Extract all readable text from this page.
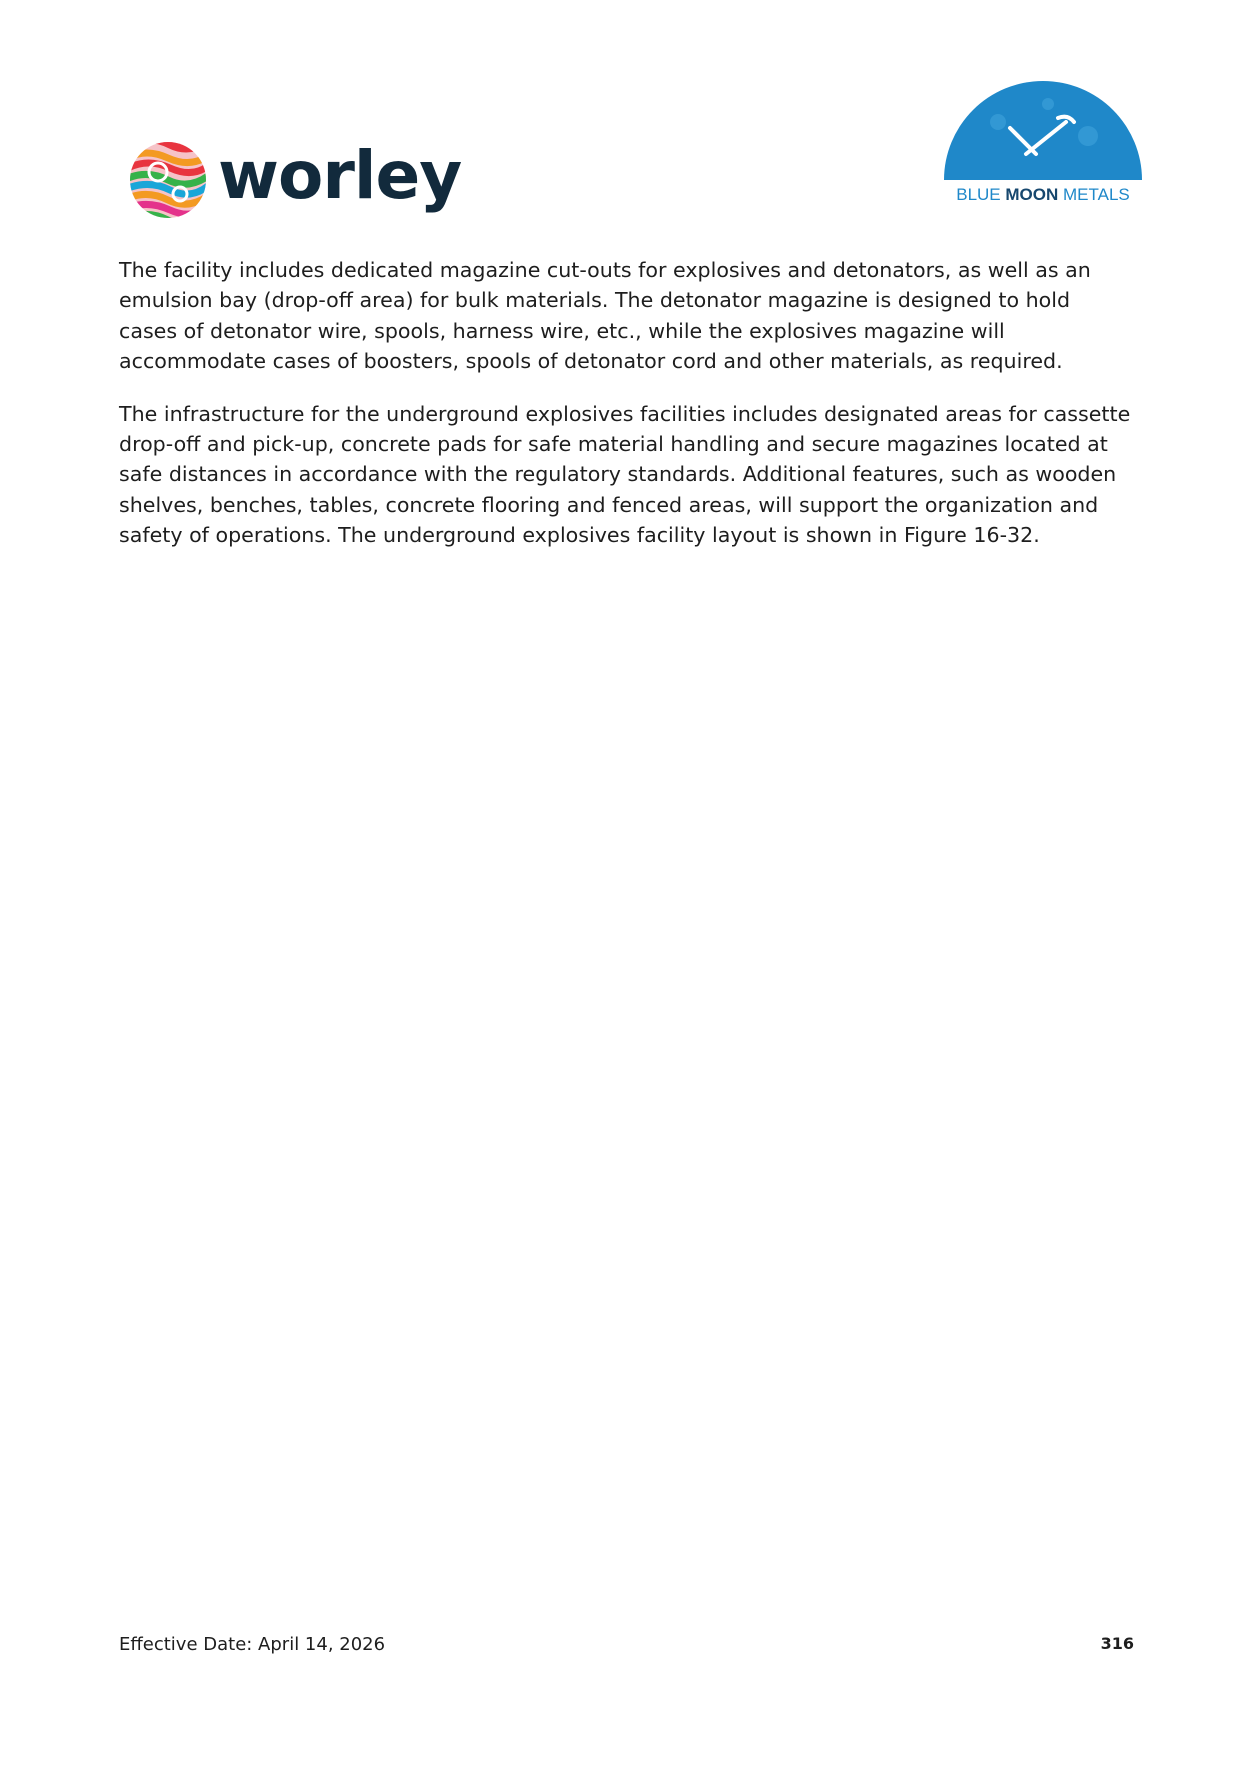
worley	BLUE MOON METALS

The facility includes dedicated magazine cut-outs for explosives and detonators, as well as an emulsion bay (drop-off area) for bulk materials. The detonator magazine is designed to hold cases of detonator wire, spools, harness wire, etc., while the explosives magazine will accommodate cases of boosters, spools of detonator cord and other materials, as required.

The infrastructure for the underground explosives facilities includes designated areas for cassette drop-off and pick-up, concrete pads for safe material handling and secure magazines located at safe distances in accordance with the regulatory standards. Additional features, such as wooden shelves, benches, tables, concrete flooring and fenced areas, will support the organization and safety of operations. The underground explosives facility layout is shown in Figure 16-32.

Effective Date: April 14, 2026	316
